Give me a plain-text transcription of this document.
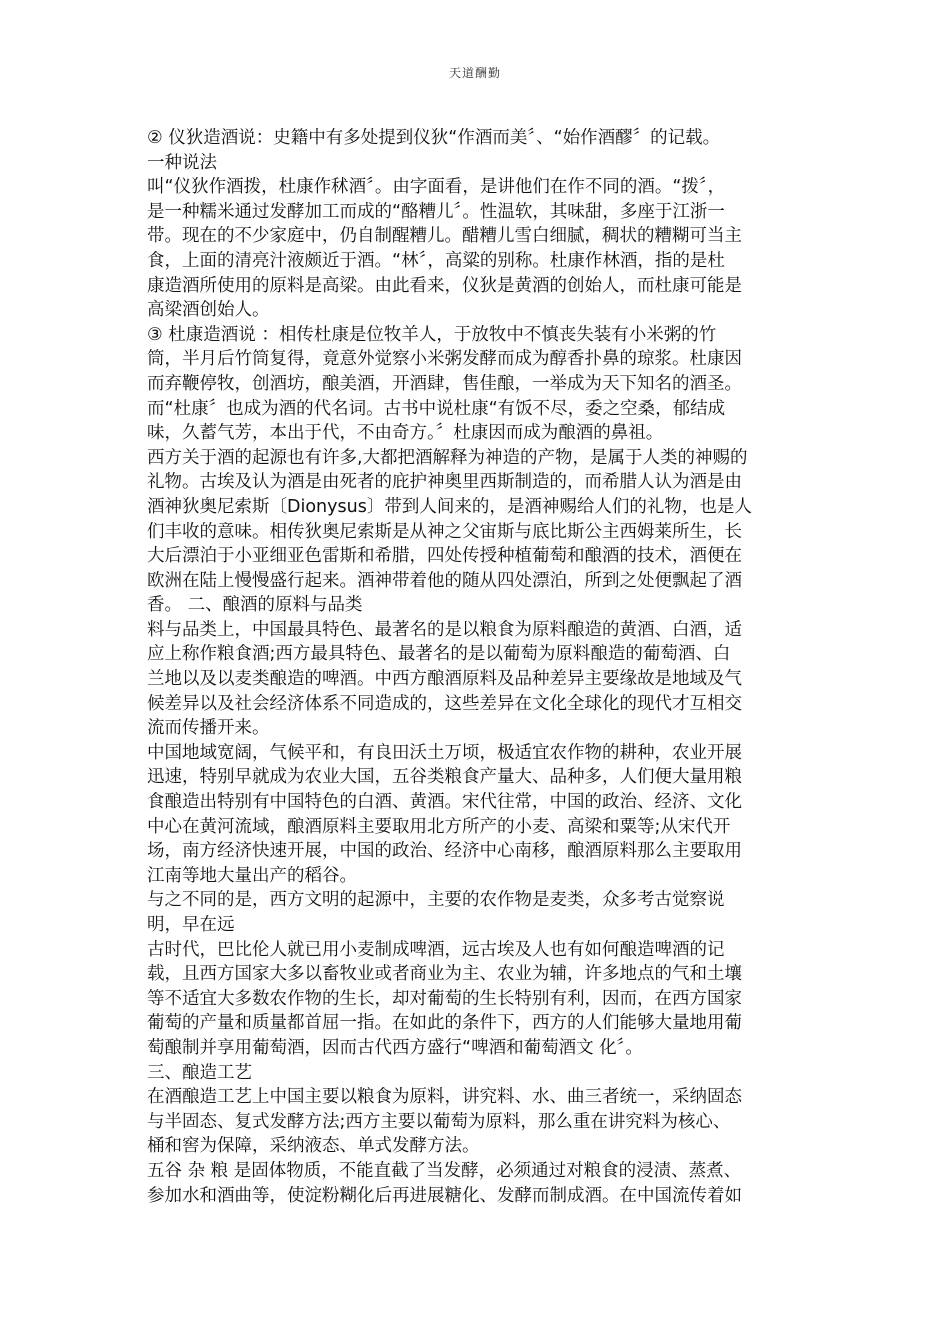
天道酬勤
② 仪狄造酒说：史籍中有多处提到仪狄“作酒而美〞、“始作酒醪〞的记载。
一种说法
叫“仪狄作酒拨，杜康作秫酒〞。由字面看，是讲他们在作不同的酒。“拨〞，
是一种糯米通过发酵加工而成的“酪糟儿〞。性温软，其味甜，多座于江浙一
带。现在的不少家庭中，仍自制醒糟儿。醋糟儿雪白细腻，稠状的糟糊可当主
食，上面的清亮汁液颇近于酒。“林〞，高粱的别称。杜康作林酒，指的是杜
康造酒所使用的原料是高梁。由此看来，仪狄是黄酒的创始人，而杜康可能是
高梁酒创始人。
③ 杜康造酒说 ：相传杜康是位牧羊人，于放牧中不慎丧失装有小米粥的竹
筒，半月后竹筒复得，竟意外觉察小米粥发酵而成为醇香扑鼻的琼浆。杜康因
而弃鞭停牧，创酒坊，酿美酒，开酒肆，售佳酿，一举成为天下知名的酒圣。
而“杜康〞也成为酒的代名词。古书中说杜康“有饭不尽，委之空桑，郁结成
味，久蓄气芳，本出于代，不由奇方。〞杜康因而成为酿酒的鼻祖。
西方关于酒的起源也有许多,大都把酒解释为神造的产物，是属于人类的神赐的
礼物。古埃及认为酒是由死者的庇护神奥里西斯制造的，而希腊人认为酒是由
酒神狄奥尼索斯〔Dionysus〕带到人间来的，是酒神赐给人们的礼物，也是人
们丰收的意味。相传狄奥尼索斯是从神之父宙斯与底比斯公主西姆莱所生，长
大后漂泊于小亚细亚色雷斯和希腊，四处传授种植葡萄和酿酒的技术，酒便在
欧洲在陆上慢慢盛行起来。酒神带着他的随从四处漂泊，所到之处便飘起了酒
香。 二、酿酒的原料与品类
料与品类上，中国最具特色、最著名的是以粮食为原料酿造的黄酒、白酒，适
应上称作粮食酒;西方最具特色、最著名的是以葡萄为原料酿造的葡萄酒、白
兰地以及以麦类酿造的啤酒。中西方酿酒原料及品种差异主要缘故是地域及气
候差异以及社会经济体系不同造成的，这些差异在文化全球化的现代才互相交
流而传播开来。
中国地域宽阔，气候平和，有良田沃土万顷，极适宜农作物的耕种，农业开展
迅速，特别早就成为农业大国，五谷类粮食产量大、品种多，人们便大量用粮
食酿造出特别有中国特色的白酒、黄酒。宋代往常，中国的政治、经济、文化
中心在黄河流域，酿酒原料主要取用北方所产的小麦、高梁和粟等;从宋代开
场，南方经济快速开展，中国的政治、经济中心南移，酿酒原料那么主要取用
江南等地大量出产的稻谷。
与之不同的是，西方文明的起源中，主要的农作物是麦类，众多考古觉察说
明，早在远
古时代，巴比伦人就已用小麦制成啤酒，远古埃及人也有如何酿造啤酒的记
载，且西方国家大多以畜牧业或者商业为主、农业为辅，许多地点的气和土壤
等不适宜大多数农作物的生长，却对葡萄的生长特别有利，因而，在西方国家
葡萄的产量和质量都首屈一指。在如此的条件下，西方的人们能够大量地用葡
萄酿制并享用葡萄酒，因而古代西方盛行“啤酒和葡萄酒文 化〞。
三、酿造工艺
在酒酿造工艺上中国主要以粮食为原料，讲究料、水、曲三者统一，采纳固态
与半固态、复式发酵方法;西方主要以葡萄为原料，那么重在讲究料为核心、
桶和窖为保障，采纳液态、单式发酵方法。
五谷 杂 粮 是固体物质，不能直截了当发酵，必须通过对粮食的浸渍、蒸煮、
参加水和酒曲等，使淀粉糊化后再进展糖化、发酵而制成酒。在中国流传着如
